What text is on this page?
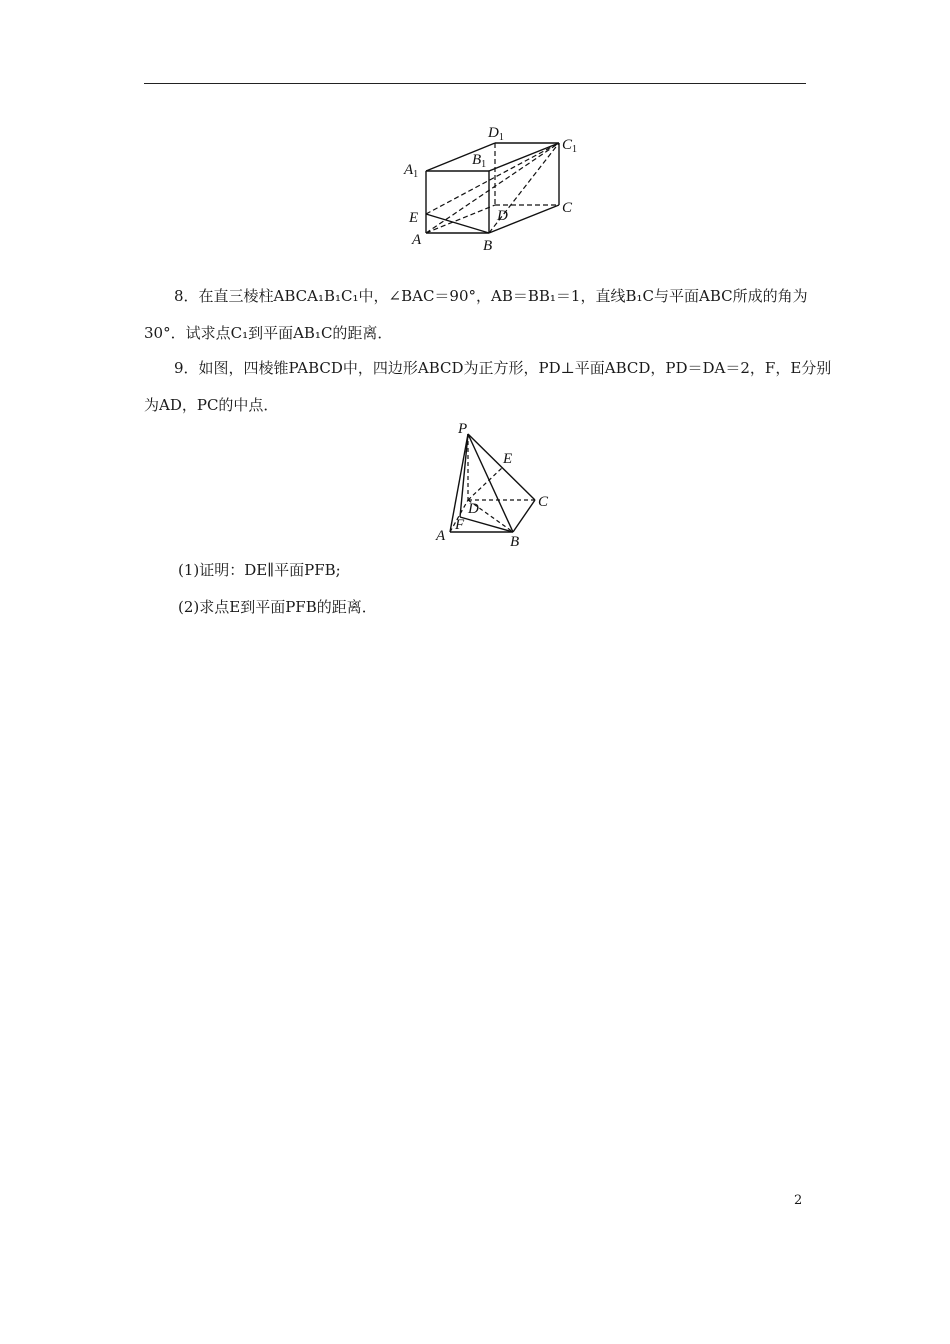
$D_1$	$C_1$
$B_1$
$A_1$
E	D	C
A	B
8．在直三棱柱ABCA₁B₁C₁中，∠BAC＝90°，AB＝BB₁＝1，直线B₁C与平面ABC所成的角为
30°．试求点C₁到平面AB₁C的距离．
9．如图，四棱锥PABCD中，四边形ABCD为正方形，PD⊥平面ABCD，PD＝DA＝2，F，E分别
为AD，PC的中点．
P
E
D	C
F
A	B
(1)证明：DE∥平面PFB;
(2)求点E到平面PFB的距离．
2
